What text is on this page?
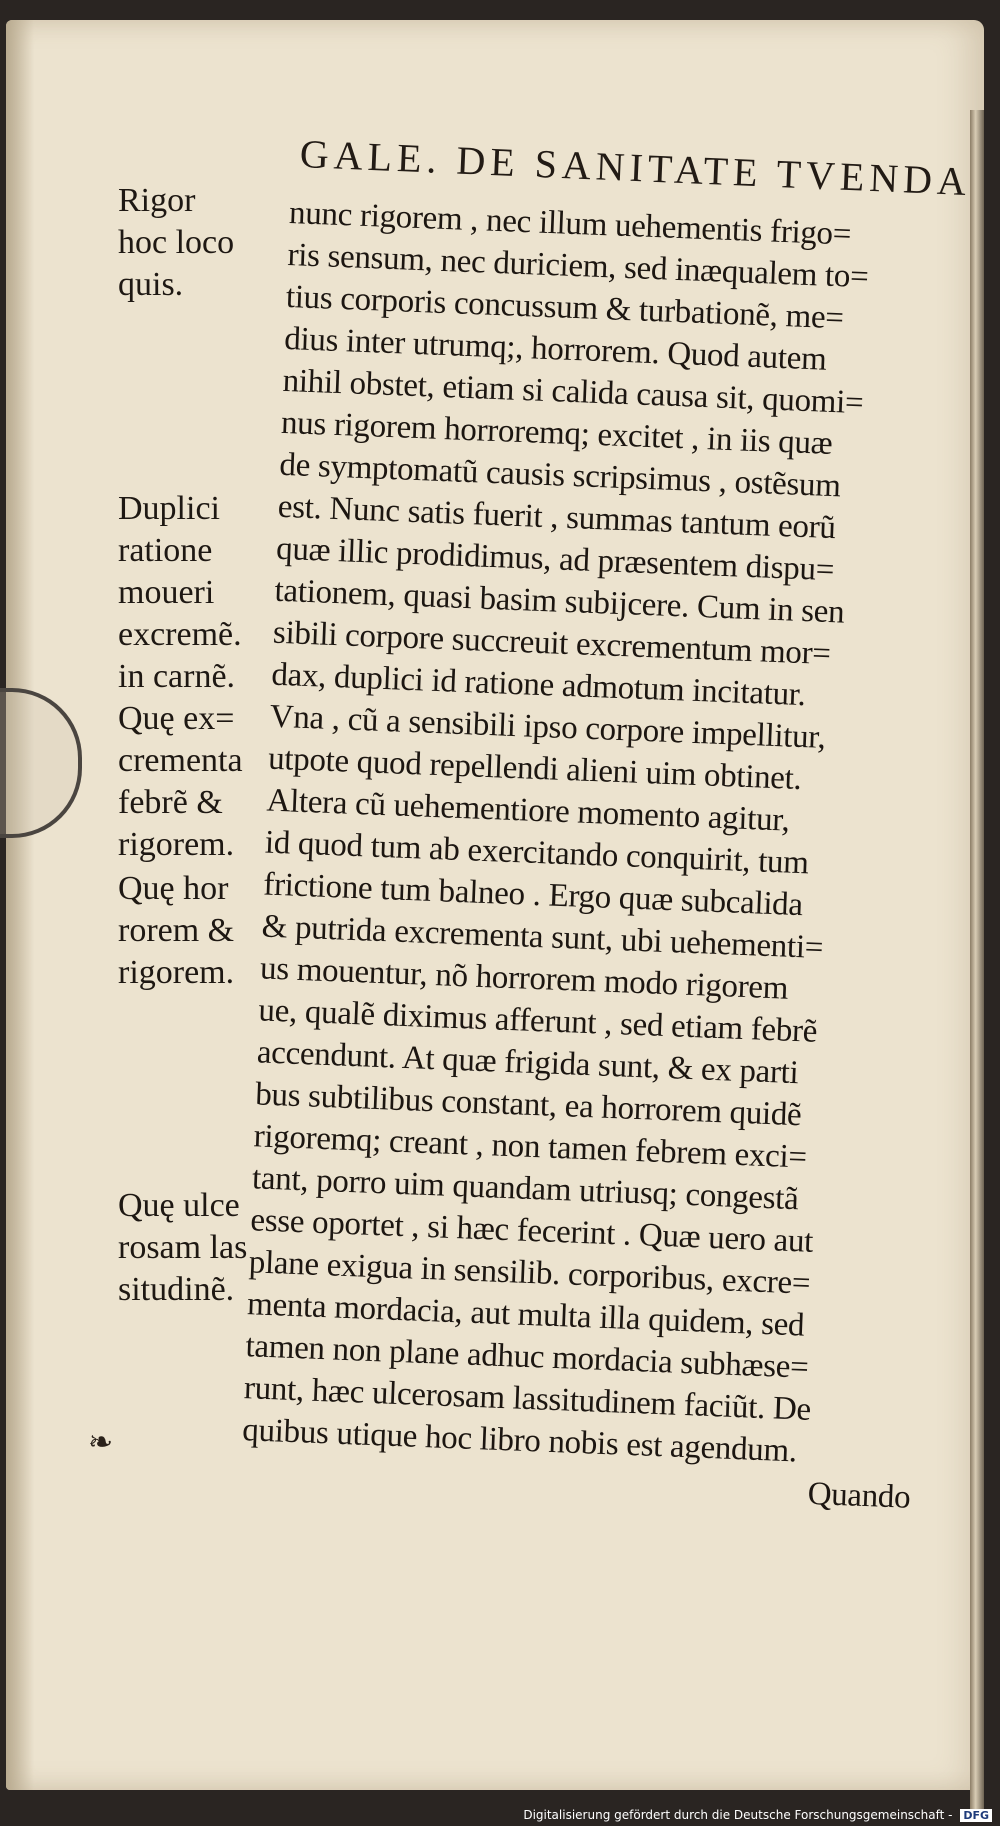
GALE. DE SANITATE TVENDA
Rigor
hoc loco
quis.
Duplici
ratione
moueri
excremẽ.
in carnẽ.
Quę ex=
crementa
febrẽ &
rigorem.
Quę hor
rorem &
rigorem.
Quę ulce
rosam las
situdinẽ.
nunc rigorem , nec illum uehementis frigo=
ris sensum, nec duriciem, sed inæqualem to=
tius corporis concussum & turbationẽ, me=
dius inter utrumq;, horrorem. Quod autem
nihil obstet, etiam si calida causa sit, quomi=
nus rigorem horroremq; excitet , in iis quæ
de symptomatũ causis scripsimus , ostẽsum
est. Nunc satis fuerit , summas tantum eorũ
quæ illic prodidimus, ad præsentem dispu=
tationem, quasi basim subijcere. Cum in sen
sibili corpore succreuit excrementum mor=
dax, duplici id ratione admotum incitatur.
Vna , cũ a sensibili ipso corpore impellitur,
utpote quod repellendi alieni uim obtinet.
Altera cũ uehementiore momento agitur,
id quod tum ab exercitando conquirit, tum
frictione tum balneo . Ergo quæ subcalida
& putrida excrementa sunt, ubi uehementi=
us mouentur, nõ horrorem modo rigorem
ue, qualẽ diximus afferunt , sed etiam febrẽ
accendunt. At quæ frigida sunt, & ex parti
bus subtilibus constant, ea horrorem quidẽ
rigoremq; creant , non tamen febrem exci=
tant, porro uim quandam utriusq; congestã
esse oportet , si hæc fecerint . Quæ uero aut
plane exigua in sensilib. corporibus, excre=
menta mordacia, aut multa illa quidem, sed
tamen non plane adhuc mordacia subhæse=
runt, hæc ulcerosam lassitudinem faciũt. De
quibus utique hoc libro nobis est agendum.
Quando
❧
Digitalisierung gefördert durch die Deutsche Forschungsgemeinschaft - DFG
